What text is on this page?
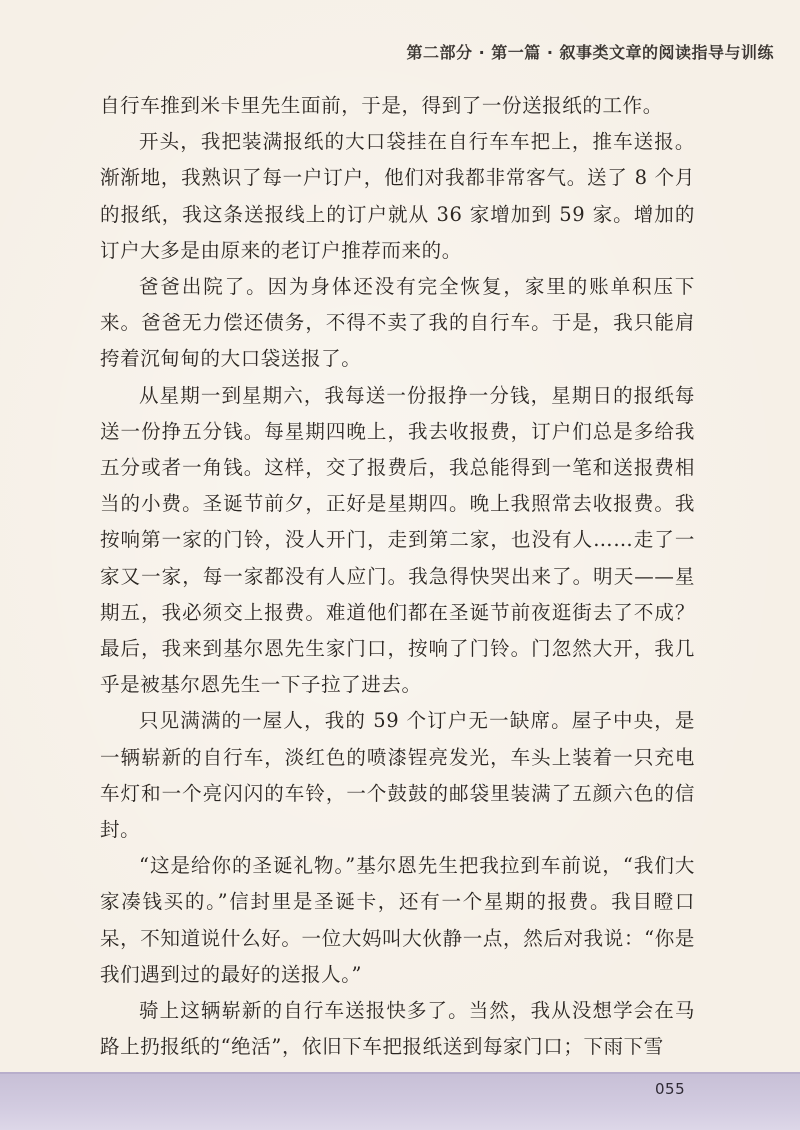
第二部分 · 第一篇 · 叙事类文章的阅读指导与训练

自行车推到米卡里先生面前，于是，得到了一份送报纸的工作。

开头，我把装满报纸的大口袋挂在自行车车把上，推车送报。渐渐地，我熟识了每一户订户，他们对我都非常客气。送了 8 个月的报纸，我这条送报线上的订户就从 36 家增加到 59 家。增加的订户大多是由原来的老订户推荐而来的。

爸爸出院了。因为身体还没有完全恢复，家里的账单积压下来。爸爸无力偿还债务，不得不卖了我的自行车。于是，我只能肩挎着沉甸甸的大口袋送报了。

从星期一到星期六，我每送一份报挣一分钱，星期日的报纸每送一份挣五分钱。每星期四晚上，我去收报费，订户们总是多给我五分或者一角钱。这样，交了报费后，我总能得到一笔和送报费相当的小费。圣诞节前夕，正好是星期四。晚上我照常去收报费。我按响第一家的门铃，没人开门，走到第二家，也没有人……走了一家又一家，每一家都没有人应门。我急得快哭出来了。明天——星期五，我必须交上报费。难道他们都在圣诞节前夜逛街去了不成？最后，我来到基尔恩先生家门口，按响了门铃。门忽然大开，我几乎是被基尔恩先生一下子拉了进去。

只见满满的一屋人，我的 59 个订户无一缺席。屋子中央，是一辆崭新的自行车，淡红色的喷漆锃亮发光，车头上装着一只充电车灯和一个亮闪闪的车铃，一个鼓鼓的邮袋里装满了五颜六色的信封。

“这是给你的圣诞礼物。”基尔恩先生把我拉到车前说，“我们大家凑钱买的。”信封里是圣诞卡，还有一个星期的报费。我目瞪口呆，不知道说什么好。一位大妈叫大伙静一点，然后对我说：“你是我们遇到过的最好的送报人。”

骑上这辆崭新的自行车送报快多了。当然，我从没想学会在马路上扔报纸的“绝活”，依旧下车把报纸送到每家门口；下雨下雪

055
